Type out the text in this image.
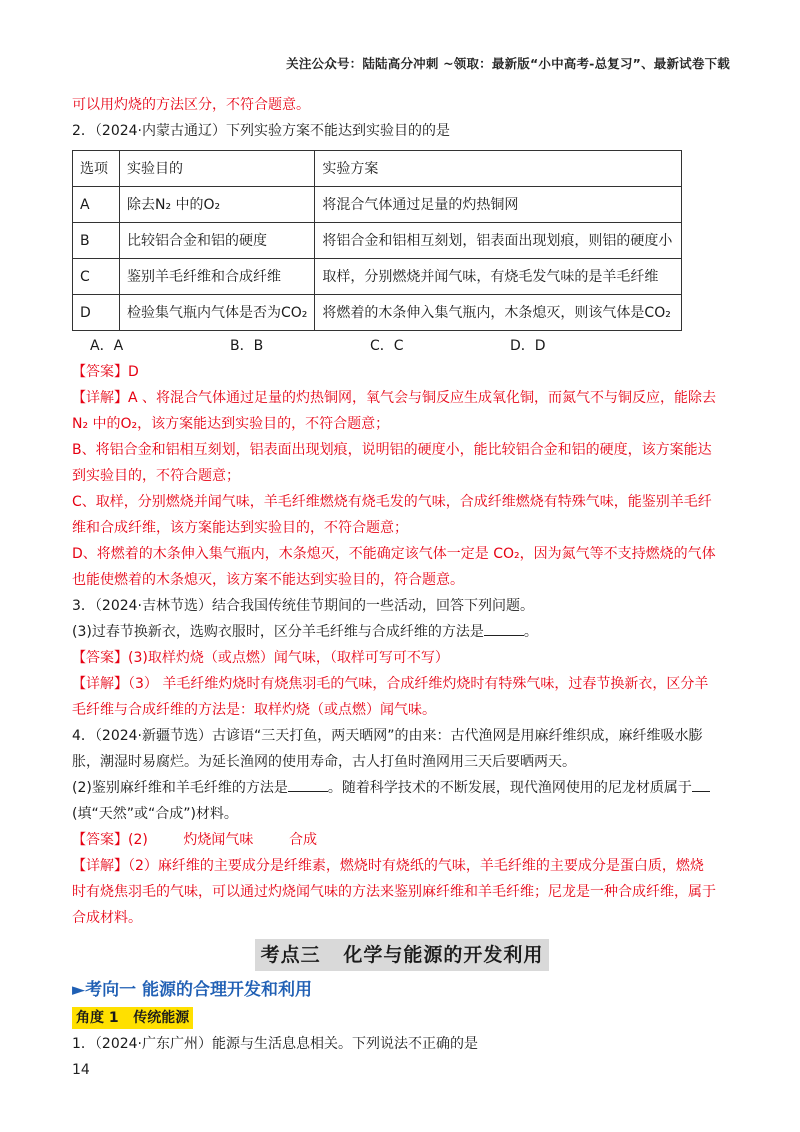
关注公众号：陆陆高分冲刺 ~领取：最新版“小中高考-总复习”、最新试卷下载

可以用灼烧的方法区分，不符合题意。

2．（2024·内蒙古通辽）下列实验方案不能达到实验目的的是

选项	实验目的	实验方案
A	除去N₂ 中的O₂	将混合气体通过足量的灼热铜网
B	比较铝合金和铝的硬度	将铝合金和铝相互刻划，铝表面出现划痕，则铝的硬度小
C	鉴别羊毛纤维和合成纤维	取样，分别燃烧并闻气味，有烧毛发气味的是羊毛纤维
D	检验集气瓶内气体是否为CO₂	将燃着的木条伸入集气瓶内，木条熄灭，则该气体是CO₂
A．A	B．B	C．C	D．D

【答案】D

【详解】A 、将混合气体通过足量的灼热铜网，氧气会与铜反应生成氧化铜，而氮气不与铜反应，能除去

N₂ 中的O₂，该方案能达到实验目的，不符合题意；

B、将铝合金和铝相互刻划，铝表面出现划痕，说明铝的硬度小，能比较铝合金和铝的硬度，该方案能达

到实验目的，不符合题意；

C、取样，分别燃烧并闻气味，羊毛纤维燃烧有烧毛发的气味，合成纤维燃烧有特殊气味，能鉴别羊毛纤

维和合成纤维，该方案能达到实验目的，不符合题意；

D、将燃着的木条伸入集气瓶内，木条熄灭，不能确定该气体一定是 CO₂，因为氮气等不支持燃烧的气体

也能使燃着的木条熄灭，该方案不能达到实验目的，符合题意。

3．（2024·吉林节选）结合我国传统佳节期间的一些活动，回答下列问题。

(3)过春节换新衣，选购衣服时，区分羊毛纤维与合成纤维的方法是	。

【答案】(3)取样灼烧（或点燃）闻气味，（取样可写可不写）

【详解】（3） 羊毛纤维灼烧时有烧焦羽毛的气味，合成纤维灼烧时有特殊气味，过春节换新衣，区分羊

毛纤维与合成纤维的方法是：取样灼烧（或点燃）闻气味。

4．（2024·新疆节选）古谚语“三天打鱼，两天晒网”的由来：古代渔网是用麻纤维织成，麻纤维吸水膨

胀，潮湿时易腐烂。为延长渔网的使用寿命，古人打鱼时渔网用三天后要晒两天。

(2)鉴别麻纤维和羊毛纤维的方法是	。随着科学技术的不断发展，现代渔网使用的尼龙材质属于

(填“天然”或“合成”)材料。

【答案】(2)        灼烧闻气味        合成

【详解】（2）麻纤维的主要成分是纤维素，燃烧时有烧纸的气味，羊毛纤维的主要成分是蛋白质，燃烧

时有烧焦羽毛的气味，可以通过灼烧闻气味的方法来鉴别麻纤维和羊毛纤维；尼龙是一种合成纤维，属于

合成材料。

考点三   化学与能源的开发利用
►考向一 能源的合理开发和利用
角度 1   传统能源

1．（2024·广东广州）能源与生活息息相关。下列说法不正确的是

14
